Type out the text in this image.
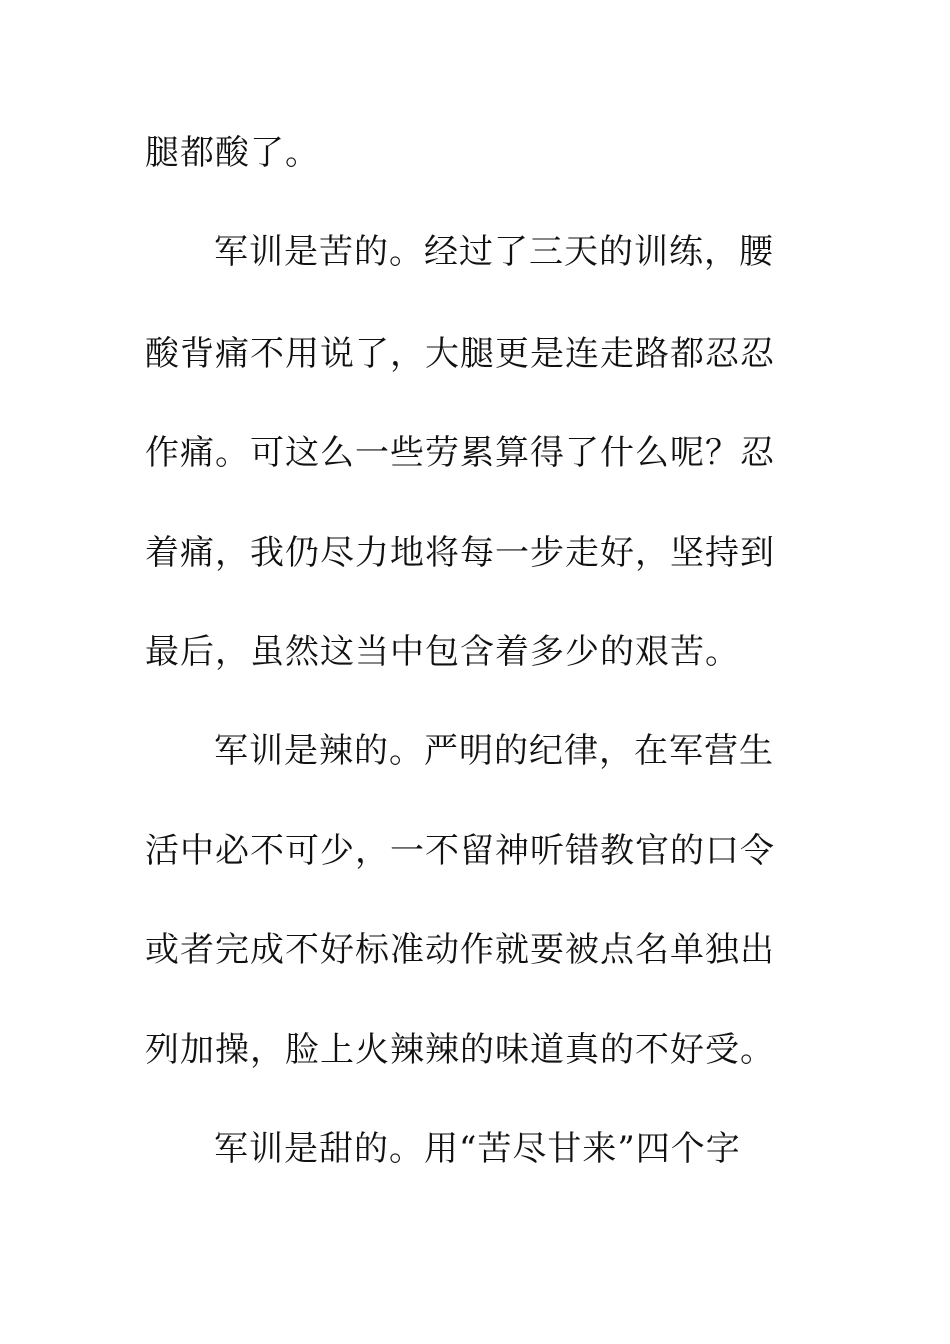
腿都酸了。
军训是苦的。经过了三天的训练，腰
酸背痛不用说了，大腿更是连走路都忍忍
作痛。可这么一些劳累算得了什么呢？忍
着痛，我仍尽力地将每一步走好，坚持到
最后，虽然这当中包含着多少的艰苦。
军训是辣的。严明的纪律，在军营生
活中必不可少，一不留神听错教官的口令
或者完成不好标准动作就要被点名单独出
列加操，脸上火辣辣的味道真的不好受。
军训是甜的。用“苦尽甘来”四个字
